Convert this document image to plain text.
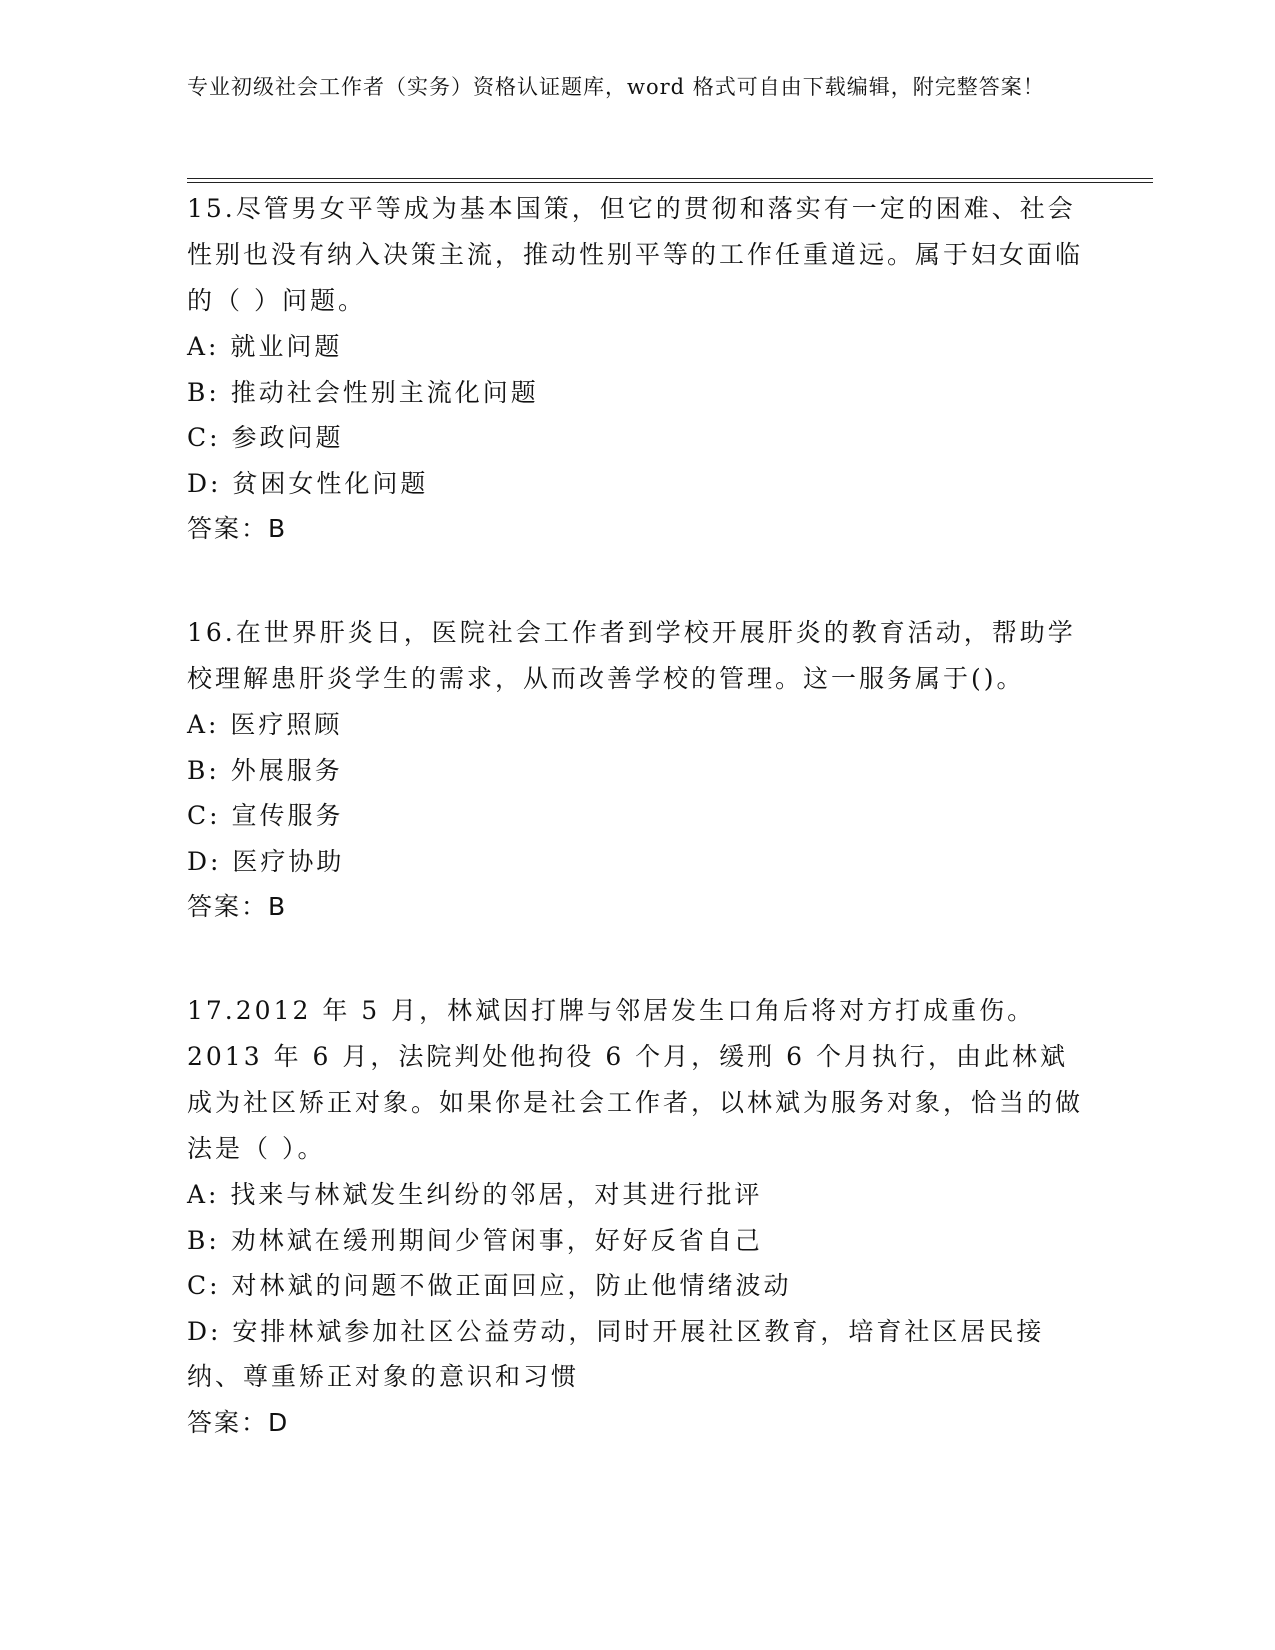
专业初级社会工作者（实务）资格认证题库，word 格式可自由下载编辑，附完整答案！

15.尽管男女平等成为基本国策，但它的贯彻和落实有一定的困难、社会性别也没有纳入决策主流，推动性别平等的工作任重道远。属于妇女面临的（ ）问题。

A: 就业问题

B: 推动社会性别主流化问题

C: 参政问题

D: 贫困女性化问题

答案：B

16.在世界肝炎日，医院社会工作者到学校开展肝炎的教育活动，帮助学校理解患肝炎学生的需求，从而改善学校的管理。这一服务属于()。

A: 医疗照顾

B: 外展服务

C: 宣传服务

D: 医疗协助

答案：B

17.2012 年 5 月，林斌因打牌与邻居发生口角后将对方打成重伤。2013 年 6 月，法院判处他拘役 6 个月，缓刑 6 个月执行，由此林斌成为社区矫正对象。如果你是社会工作者，以林斌为服务对象，恰当的做法是（ ）。

A: 找来与林斌发生纠纷的邻居，对其进行批评

B: 劝林斌在缓刑期间少管闲事，好好反省自己

C: 对林斌的问题不做正面回应，防止他情绪波动

D: 安排林斌参加社区公益劳动，同时开展社区教育，培育社区居民接纳、尊重矫正对象的意识和习惯

答案：D
